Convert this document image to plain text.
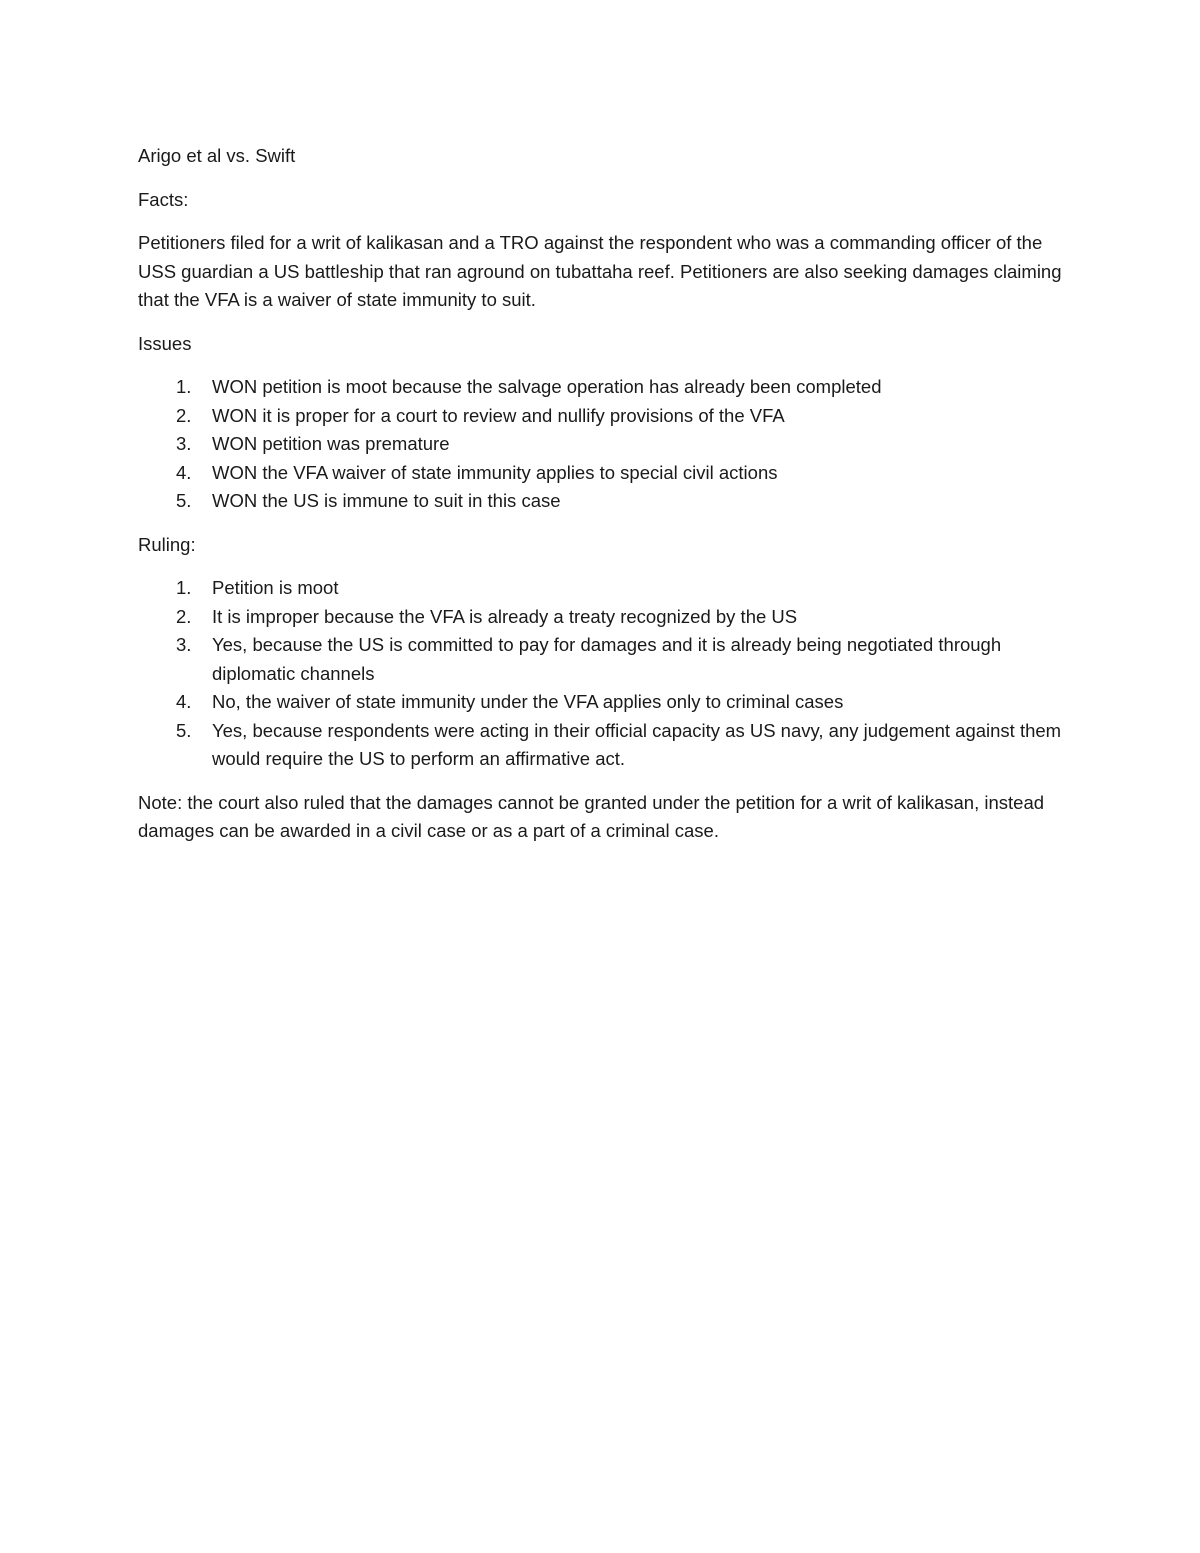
Arigo et al vs. Swift

Facts:

Petitioners filed for a writ of kalikasan and a TRO against the respondent who was a commanding officer of the USS guardian a US battleship that ran aground on tubattaha reef. Petitioners are also seeking damages claiming that the VFA is a waiver of state immunity to suit.

Issues

1. WON petition is moot because the salvage operation has already been completed
2. WON it is proper for a court to review and nullify provisions of the VFA
3. WON petition was premature
4. WON the VFA waiver of state immunity applies to special civil actions
5. WON the US is immune to suit in this case

Ruling:

1. Petition is moot
2. It is improper because the VFA is already a treaty recognized by the US
3. Yes, because the US is committed to pay for damages and it is already being negotiated through diplomatic channels
4. No, the waiver of state immunity under the VFA applies only to criminal cases
5. Yes, because respondents were acting in their official capacity as US navy, any judgement against them would require the US to perform an affirmative act.

Note: the court also ruled that the damages cannot be granted under the petition for a writ of kalikasan, instead damages can be awarded in a civil case or as a part of a criminal case.
